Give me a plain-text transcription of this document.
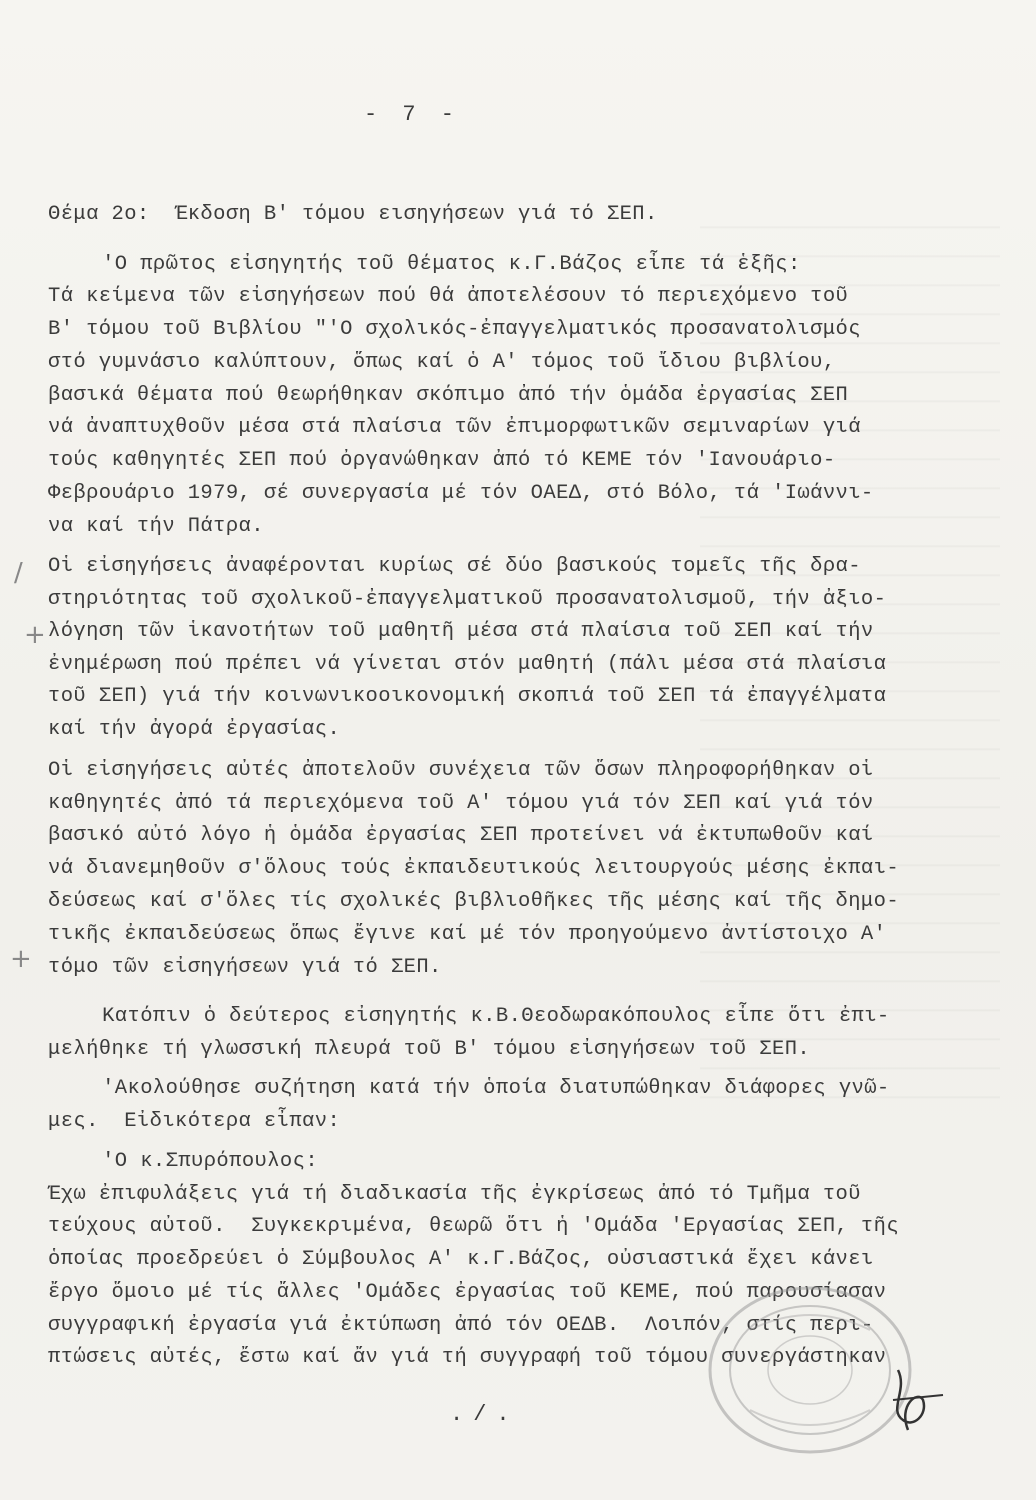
- 7 -
Θέμα 2ο:  Έκδοση Β' τόμου εισηγήσεων γιά τό ΣΕΠ.
'Ο πρῶτος εἰσηγητής τοῦ θέματος κ.Γ.Βάζος εἶπε τά ἑξῆς:
Τά κείμενα τῶν εἰσηγήσεων πού θά ἀποτελέσουν τό περιεχόμενο τοῦ
Β' τόμου τοῦ Βιβλίου "'Ο σχολικός-ἐπαγγελματικός προσανατολισμός
στό γυμνάσιο καλύπτουν, ὅπως καί ὁ Α' τόμος τοῦ ἴδιου βιβλίου,
βασικά θέματα πού θεωρήθηκαν σκόπιμο ἀπό τήν ὁμάδα ἐργασίας ΣΕΠ
νά ἀναπτυχθοῦν μέσα στά πλαίσια τῶν ἐπιμορφωτικῶν σεμιναρίων γιά
τούς καθηγητές ΣΕΠ πού ὀργανώθηκαν ἀπό τό ΚΕΜΕ τόν 'Ιανουάριο-
Φεβρουάριο 1979, σέ συνεργασία μέ τόν ΟΑΕΔ, στό Βόλο, τά 'Ιωάννι-
να καί τήν Πάτρα.
Οἱ εἰσηγήσεις ἀναφέρονται κυρίως σέ δύο βασικούς τομεῖς τῆς δρα-
στηριότητας τοῦ σχολικοῦ-ἐπαγγελματικοῦ προσανατολισμοῦ, τήν ἀξιο-
λόγηση τῶν ἱκανοτήτων τοῦ μαθητῆ μέσα στά πλαίσια τοῦ ΣΕΠ καί τήν
ἐνημέρωση πού πρέπει νά γίνεται στόν μαθητή (πάλι μέσα στά πλαίσια
τοῦ ΣΕΠ) γιά τήν κοινωνικοοικονομική σκοπιά τοῦ ΣΕΠ τά ἐπαγγέλματα
καί τήν ἀγορά ἐργασίας.
Οἱ εἰσηγήσεις αὐτές ἀποτελοῦν συνέχεια τῶν ὅσων πληροφορήθηκαν οἱ
καθηγητές ἀπό τά περιεχόμενα τοῦ Α' τόμου γιά τόν ΣΕΠ καί γιά τόν
βασικό αὐτό λόγο ἡ ὁμάδα ἐργασίας ΣΕΠ προτείνει νά ἐκτυπωθοῦν καί
νά διανεμηθοῦν σ'ὅλους τούς ἐκπαιδευτικούς λειτουργούς μέσης ἐκπαι-
δεύσεως καί σ'ὅλες τίς σχολικές βιβλιοθῆκες τῆς μέσης καί τῆς δημο-
τικῆς ἐκπαιδεύσεως ὅπως ἔγινε καί μέ τόν προηγούμενο ἀντίστοιχο Α'
τόμο τῶν εἰσηγήσεων γιά τό ΣΕΠ.
Κατόπιν ὁ δεύτερος εἰσηγητής κ.Β.Θεοδωρακόπουλος εἶπε ὅτι ἐπι-
μελήθηκε τή γλωσσική πλευρά τοῦ Β' τόμου εἰσηγήσεων τοῦ ΣΕΠ.
'Ακολούθησε συζήτηση κατά τήν ὁποία διατυπώθηκαν διάφορες γνῶ-
μες.  Εἰδικότερα εἶπαν:
'Ο κ.Σπυρόπουλος:
Έχω ἐπιφυλάξεις γιά τή διαδικασία τῆς ἐγκρίσεως ἀπό τό Τμῆμα τοῦ
τεύχους αὐτοῦ.  Συγκεκριμένα, θεωρῶ ὅτι ἡ 'Ομάδα 'Εργασίας ΣΕΠ, τῆς
ὁποίας προεδρεύει ὁ Σύμβουλος Α' κ.Γ.Βάζος, οὐσιαστικά ἔχει κάνει
ἔργο ὅμοιο μέ τίς ἄλλες 'Ομάδες ἐργασίας τοῦ ΚΕΜΕ, πού παρουσίασαν
συγγραφική ἐργασία γιά ἐκτύπωση ἀπό τόν ΟΕΔΒ.  Λοιπόν, στίς περι-
πτώσεις αὐτές, ἔστω καί ἄν γιά τή συγγραφή τοῦ τόμου συνεργάστηκαν
/
+
+
./.
